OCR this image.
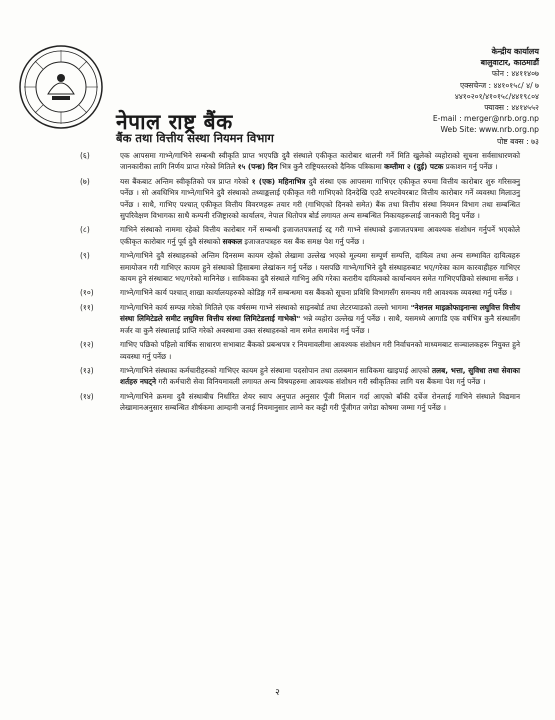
नेपाल राष्ट्र बैंक
बैंक तथा वित्तीय संस्था नियमन विभाग
केन्द्रीय कार्यालय
बालुवाटार, काठमाडौं
फोन : ४४११४०७
एक्सचेन्ज : ४४१०१५८/ ४/ ७
४४१०२०१/४१०१५८/४४१९८०४
फ्याक्स : ४४१४५५२
E-mail : merger@nrb.org.np
Web Site: www.nrb.org.np
पोष्ट बक्स : ७३
(६)	एक आपसमा गाभ्ने/गाभिने सम्बन्धी स्वीकृति प्राप्त भएपछि दुवै संस्थाले एकीकृत कारोबार थालनी गर्ने मिति खुलेको व्यहोराको सूचना सर्वसाधारणको जानकारीका लागि निर्णय प्राप्त गरेको मितिले १५ (पन्ध्र) दिन भित्र कुनै राष्ट्रियस्तरको दैनिक पत्रिकामा कम्तीमा २ (दुई) पटक प्रकाशन गर्नु पर्नेछ ।
(७)	यस बैंकबाट अन्तिम स्वीकृतिको पत्र प्राप्त गरेको १ (एक) महिनाभित्र दुवै संस्था एक आपसमा गाभिएर एकीकृत रुपमा वित्तीय कारोबार शुरु गरिसक्नु पर्नेछ । सो अवधिभित्र गाभ्ने/गाभिने दुवै संस्थाको तथ्याङ्कलाई एकीकृत गरी गाभिएको दिनदेखि एउटै सफ्टवेयरबाट वित्तीय कारोबार गर्ने व्यवस्था मिलाउनु पर्नेछ । साथै, गाभिए पश्चात् एकीकृत वित्तीय विवरणहरू तयार गरी (गाभिएको दिनको समेत) बैंक तथा वित्तीय संस्था नियमन विभाग तथा सम्बन्धित सुपरिवेक्षण विभागका साथै कम्पनी रजिष्ट्रारको कार्यालय, नेपाल धितोपत्र बोर्ड लगायत अन्य सम्बन्धित निकायहरूलाई जानकारी दिनु पर्नेछ ।
(८)	गाभिने संस्थाको नाममा रहेको वित्तीय कारोबार गर्ने सम्बन्धी इजाजतपत्रलाई रद्द गरी गाभ्ने संस्थाको इजाजतपत्रमा आवश्यक संशोधन गर्नुपर्ने भएकोले एकीकृत कारोबार गर्नु पूर्व दुवै संस्थाको सक्कल इजाजतपत्रहरु यस बैंक समक्ष पेश गर्नु पर्नेछ ।
(९)	गाभ्ने/गाभिने दुवै संस्थाहरुको अन्तिम दिनसम्म कायम रहेको लेखामा उल्लेख भएको मूल्यमा सम्पूर्ण सम्पत्ति, दायित्व तथा अन्य सम्भावित दायित्वहरु समायोजन गरी गाभिएर कायम हुने संस्थाको हिसाबमा लेखांकन गर्नु पर्नेछ । यसपछि गाभ्ने/गाभिने दुवै संस्थाहरुबाट भए/गरेका काम कारवाहीहरु गाभिएर कायम हुने संस्थाबाट भए/गरेको मानिनेछ । साविकका दुवै संस्थाले गाभिनु अघि गरेका करारीय दायित्वको कार्यान्वयन समेत गाभिएपछिको संस्थामा सर्नेछ ।
(१०)	गाभ्ने/गाभिने कार्य पश्चात् शाखा कार्यालयहरुको कोडिङ्ग गर्ने सम्बन्धमा यस बैंकको सूचना प्रविधि विभागसँग समन्वय गरी आवश्यक व्यवस्था गर्नु पर्नेछ ।
(११)	गाभ्ने/गाभिने कार्य सम्पन्न गरेको मितिले एक वर्षसम्म गाभ्ने संस्थाको साइनबोर्ड तथा लेटरप्याडको तल्लो भागमा "नेशनल माइक्रोफाइनान्स लघुवित्त वित्तीय संस्था लिमिटेडले समीट लघुवित्त वित्तीय संस्था लिमिटेडलाई गाभेको" भन्ने व्यहोरा उल्लेख गर्नु पर्नेछ । साथै, यसमध्ये आगाडि एक वर्षभित्र कुनै संस्थासँग मर्जर वा कुनै संस्थालाई प्राप्ति गरेको अवस्थामा उक्त संस्थाहरुको नाम समेत समावेश गर्नु पर्नेछ ।
(१२)	गाभिए पछिको पहिलो वार्षिक साधारण सभाबाट बैंकको प्रबन्धपत्र र नियमावलीमा आवश्यक संशोधन गरी निर्वाचनको माध्यमबाट सञ्चालकहरू नियुक्त हुने व्यवस्था गर्नु पर्नेछ ।
(१३)	गाभ्ने/गाभिने संस्थाका कर्मचारीहरुको गाभिएर कायम हुने संस्थामा पदसोपान तथा तलबमान साविकमा खाइपाई आएको तलब, भत्ता, सुविधा तथा सेवाका शर्तहरु नघट्ने गरी कर्मचारी सेवा विनियमावली लगायत अन्य विषयहरुमा आवश्यक संशोधन गरी स्वीकृतिका लागि यस बैंकमा पेश गर्नु पर्नेछ ।
(१४)	गाभ्ने/गाभिने क्रममा दुवै संस्थाबीच निर्धारित शेयर स्वाप अनुपात अनुसार पूँजी मिलान गर्दा आएको बाँकी दर्चेज रोनलाई गाभिने संस्थाले विद्यमान लेखामानअनुसार सम्बन्धित शीर्षकमा आम्दानी जनाई नियमानुसार लाग्ने कर कट्टी गरी पूँजीगत जगेडा कोषमा जम्मा गर्नु पर्नेछ ।
२
